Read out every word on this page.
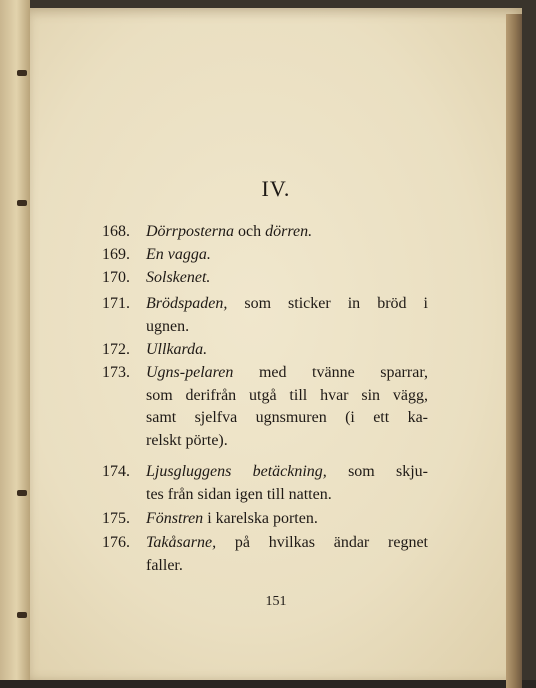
IV.
168. Dörrposterna och dörren.
169. En vagga.
170. Solskenet.
171. Brödspaden, som sticker in bröd i
ugnen.
172. Ullkarda.
173. Ugns-pelaren med tvänne sparrar,
som derifrån utgå till hvar sin vägg,
samt sjelfva ugnsmuren (i ett ka-
relskt pörte).
174. Ljusgluggens betäckning, som skju-
tes från sidan igen till natten.
175. Fönstren i karelska porten.
176. Takåsarne, på hvilkas ändar regnet
faller.
151
